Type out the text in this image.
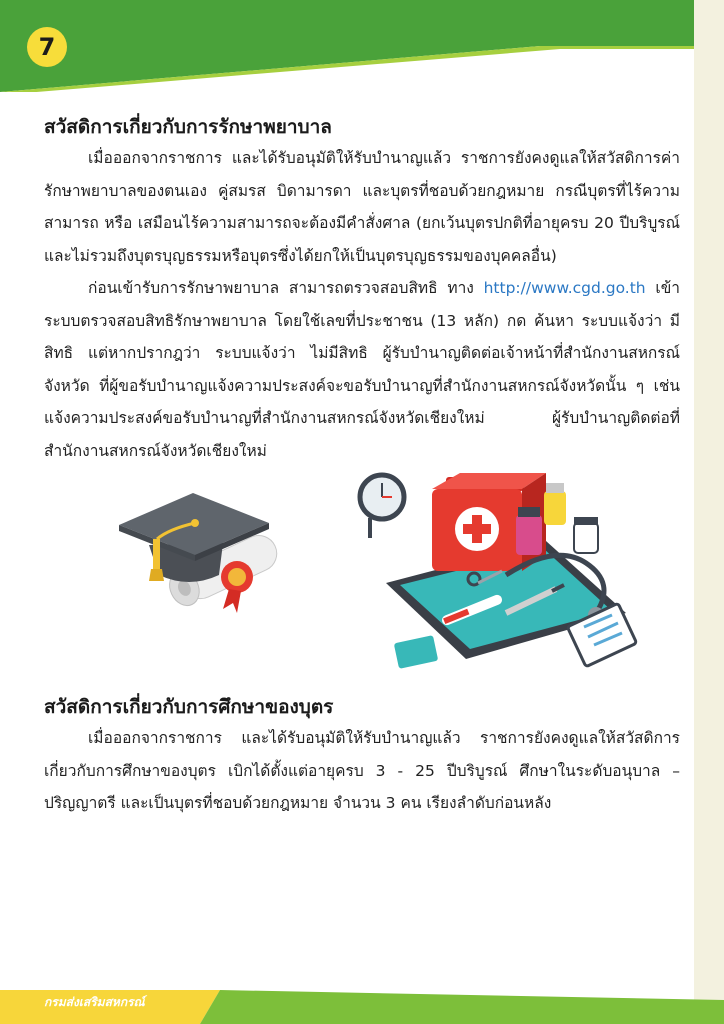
7
สวัสดิการเกี่ยวกับการรักษาพยาบาล

เมื่อออกจากราชการ และได้รับอนุมัติให้รับบำนาญแล้ว ราชการยังคงดูแลให้สวัสดิการค่ารักษาพยาบาลของตนเอง คู่สมรส บิดามารดา และบุตรที่ชอบด้วยกฎหมาย กรณีบุตรที่ไร้ความสามารถ หรือ เสมือนไร้ความสามารถจะต้องมีคำสั่งศาล (ยกเว้นบุตรปกติที่อายุครบ 20 ปีบริบูรณ์ และไม่รวมถึงบุตรบุญธรรมหรือบุตรซึ่งได้ยกให้เป็นบุตรบุญธรรมของบุคคลอื่น)

ก่อนเข้ารับการรักษาพยาบาล สามารถตรวจสอบสิทธิ ทาง http://www.cgd.go.th เข้าระบบตรวจสอบสิทธิรักษาพยาบาล โดยใช้เลขที่ประชาชน (13 หลัก) กด ค้นหา ระบบแจ้งว่า มีสิทธิ แต่หากปรากฎว่า ระบบแจ้งว่า ไม่มีสิทธิ ผู้รับบำนาญติดต่อเจ้าหน้าที่สำนักงานสหกรณ์จังหวัด ที่ผู้ขอรับบำนาญแจ้งความประสงค์จะขอรับบำนาญที่สำนักงานสหกรณ์จังหวัดนั้น ๆ เช่น แจ้งความประสงค์ขอรับบำนาญที่สำนักงานสหกรณ์จังหวัดเชียงใหม่ ผู้รับบำนาญติดต่อที่สำนักงานสหกรณ์จังหวัดเชียงใหม่

สวัสดิการเกี่ยวกับการศึกษาของบุตร

เมื่อออกจากราชการ และได้รับอนุมัติให้รับบำนาญแล้ว ราชการยังคงดูแลให้สวัสดิการเกี่ยวกับการศึกษาของบุตร เบิกได้ตั้งแต่อายุครบ 3 - 25 ปีบริบูรณ์ ศึกษาในระดับอนุบาล – ปริญญาตรี และเป็นบุตรที่ชอบด้วยกฎหมาย จำนวน 3 คน เรียงลำดับก่อนหลัง

กรมส่งเสริมสหกรณ์
